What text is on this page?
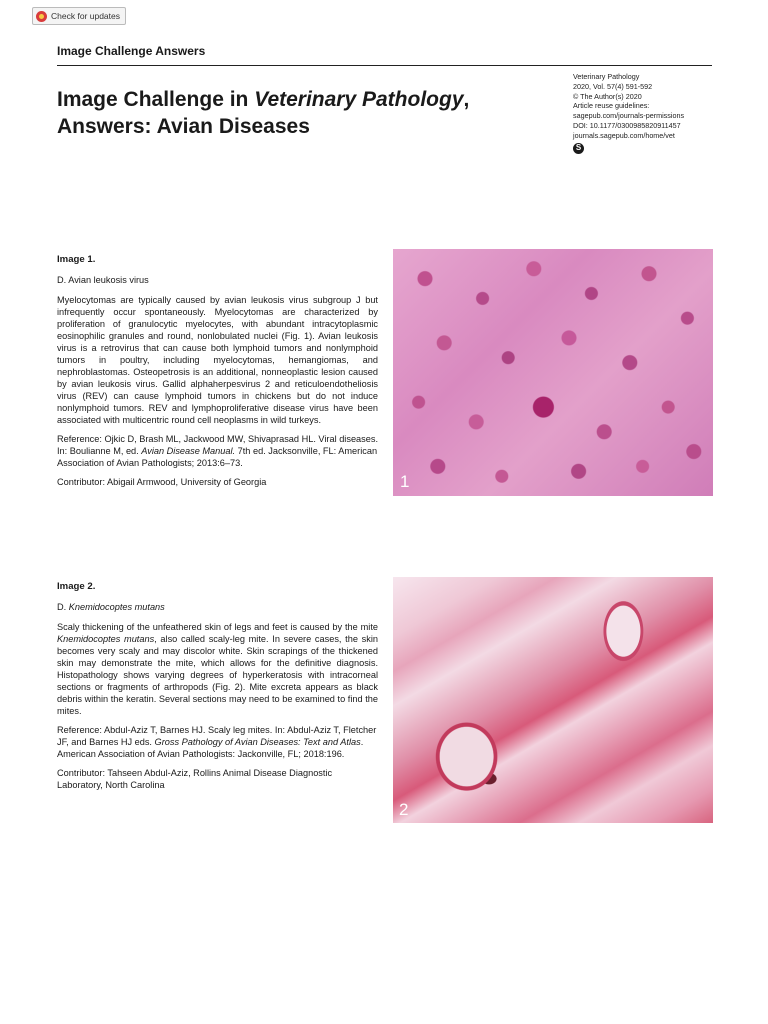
Check for updates
Image Challenge Answers
Image Challenge in Veterinary Pathology,
Answers: Avian Diseases
Veterinary Pathology
2020, Vol. 57(4) 591-592
© The Author(s) 2020
Article reuse guidelines:
sagepub.com/journals-permissions
DOI: 10.1177/0300985820911457
journals.sagepub.com/home/vet
S
Image 1.
D. Avian leukosis virus

Myelocytomas are typically caused by avian leukosis virus subgroup J but infrequently occur spontaneously. Myelocytomas are characterized by proliferation of granulocytic myelocytes, with abundant intracytoplasmic eosinophilic granules and round, nonlobulated nuclei (Fig. 1). Avian leukosis virus is a retrovirus that can cause both lymphoid tumors and nonlymphoid tumors in poultry, including myelocytomas, hemangiomas, and nephroblastomas. Osteopetrosis is an additional, nonneoplastic lesion caused by avian leukosis virus. Gallid alphaherpesvirus 2 and reticuloendotheliosis virus (REV) can cause lymphoid tumors in chickens but do not induce nonlymphoid tumors. REV and lymphoproliferative disease virus have been associated with multicentric round cell neoplasms in wild turkeys.

Reference: Ojkic D, Brash ML, Jackwood MW, Shivaprasad HL. Viral diseases. In: Boulianne M, ed. Avian Disease Manual. 7th ed. Jacksonville, FL: American Association of Avian Pathologists; 2013:6–73.

Contributor: Abigail Armwood, University of Georgia	1
Image 2.
D. Knemidocoptes mutans

Scaly thickening of the unfeathered skin of legs and feet is caused by the mite Knemidocoptes mutans, also called scaly-leg mite. In severe cases, the skin becomes very scaly and may discolor white. Skin scrapings of the thickened skin may demonstrate the mite, which allows for the definitive diagnosis. Histopathology shows varying degrees of hyperkeratosis with intracorneal sections or fragments of arthropods (Fig. 2). Mite excreta appears as black debris within the keratin. Several sections may need to be examined to find the mites.

Reference: Abdul-Aziz T, Barnes HJ. Scaly leg mites. In: Abdul-Aziz T, Fletcher JF, and Barnes HJ eds. Gross Pathology of Avian Diseases: Text and Atlas. American Association of Avian Pathologists: Jackonville, FL; 2018:196.

Contributor: Tahseen Abdul-Aziz, Rollins Animal Disease Diagnostic Laboratory, North Carolina

2
